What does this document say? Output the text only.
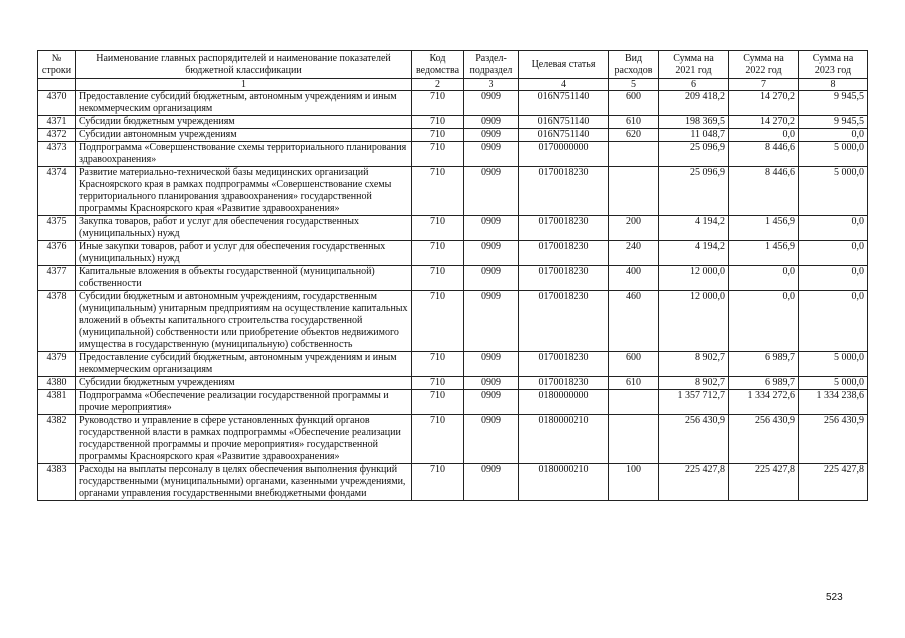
№ строки	Наименование главных распорядителей и наименование показателей бюджетной классификации	Код ведомства	Раздел-подраздел	Целевая статья	Вид расходов	Сумма на 2021 год	Сумма на 2022 год	Сумма на 2023 год
	1	2	3	4	5	6	7	8
4370	Предоставление субсидий бюджетным, автономным учреждениям и иным некоммерческим организациям	710	0909	016N751140	600	209 418,2	14 270,2	9 945,5
4371	Субсидии бюджетным учреждениям	710	0909	016N751140	610	198 369,5	14 270,2	9 945,5
4372	Субсидии автономным учреждениям	710	0909	016N751140	620	11 048,7	0,0	0,0
4373	Подпрограмма «Совершенствование схемы территориального планирования здравоохранения»	710	0909	0170000000		25 096,9	8 446,6	5 000,0
4374	Развитие материально-технической базы медицинских организаций Красноярского края в рамках подпрограммы «Совершенствование схемы территориального планирования здравоохранения» государственной программы Красноярского края «Развитие здравоохранения»	710	0909	0170018230		25 096,9	8 446,6	5 000,0
4375	Закупка товаров, работ и услуг для обеспечения государственных (муниципальных) нужд	710	0909	0170018230	200	4 194,2	1 456,9	0,0
4376	Иные закупки товаров, работ и услуг для обеспечения государственных (муниципальных) нужд	710	0909	0170018230	240	4 194,2	1 456,9	0,0
4377	Капитальные вложения в объекты государственной (муниципальной) собственности	710	0909	0170018230	400	12 000,0	0,0	0,0
4378	Субсидии бюджетным и автономным учреждениям, государственным (муниципальным) унитарным предприятиям на осуществление капитальных вложений в объекты капитального строительства государственной (муниципальной) собственности или приобретение объектов недвижимого имущества в государственную (муниципальную) собственность	710	0909	0170018230	460	12 000,0	0,0	0,0
4379	Предоставление субсидий бюджетным, автономным учреждениям и иным некоммерческим организациям	710	0909	0170018230	600	8 902,7	6 989,7	5 000,0
4380	Субсидии бюджетным учреждениям	710	0909	0170018230	610	8 902,7	6 989,7	5 000,0
4381	Подпрограмма «Обеспечение реализации государственной программы и прочие мероприятия»	710	0909	0180000000		1 357 712,7	1 334 272,6	1 334 238,6
4382	Руководство и управление в сфере установленных функций органов государственной власти в рамках подпрограммы «Обеспечение реализации государственной программы и прочие мероприятия» государственной программы Красноярского края «Развитие здравоохранения»	710	0909	0180000210		256 430,9	256 430,9	256 430,9
4383	Расходы на выплаты персоналу в целях обеспечения выполнения функций государственными (муниципальными) органами, казенными учреждениями, органами управления государственными внебюджетными фондами	710	0909	0180000210	100	225 427,8	225 427,8	225 427,8
523
